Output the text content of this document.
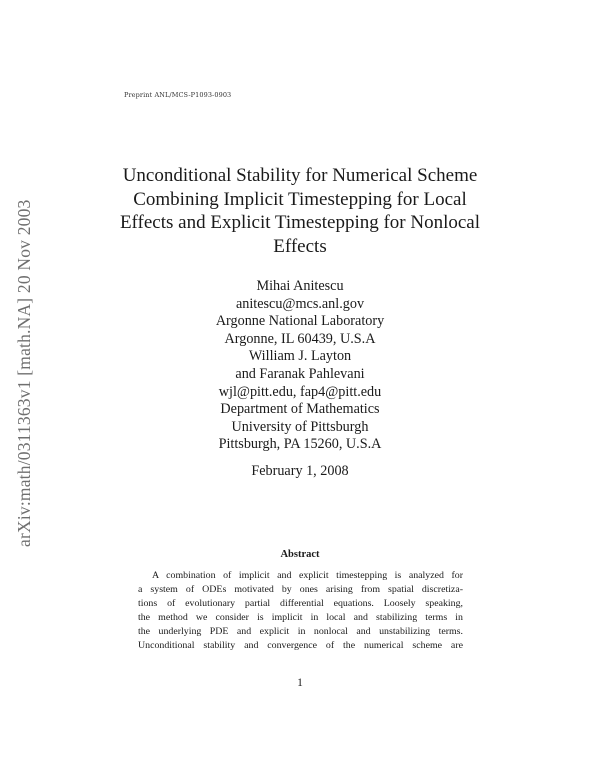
Preprint ANL/MCS-P1093-0903
arXiv:math/0311363v1 [math.NA] 20 Nov 2003
Unconditional Stability for Numerical Scheme
Combining Implicit Timestepping for Local
Effects and Explicit Timestepping for Nonlocal
Effects
Mihai Anitescu
anitescu@mcs.anl.gov
Argonne National Laboratory
Argonne, IL 60439, U.S.A
William J. Layton
and Faranak Pahlevani
wjl@pitt.edu, fap4@pitt.edu
Department of Mathematics
University of Pittsburgh
Pittsburgh, PA 15260, U.S.A
February 1, 2008
Abstract
A combination of implicit and explicit timestepping is analyzed for
a system of ODEs motivated by ones arising from spatial discretiza-
tions of evolutionary partial differential equations. Loosely speaking,
the method we consider is implicit in local and stabilizing terms in
the underlying PDE and explicit in nonlocal and unstabilizing terms.
Unconditional stability and convergence of the numerical scheme are
1
